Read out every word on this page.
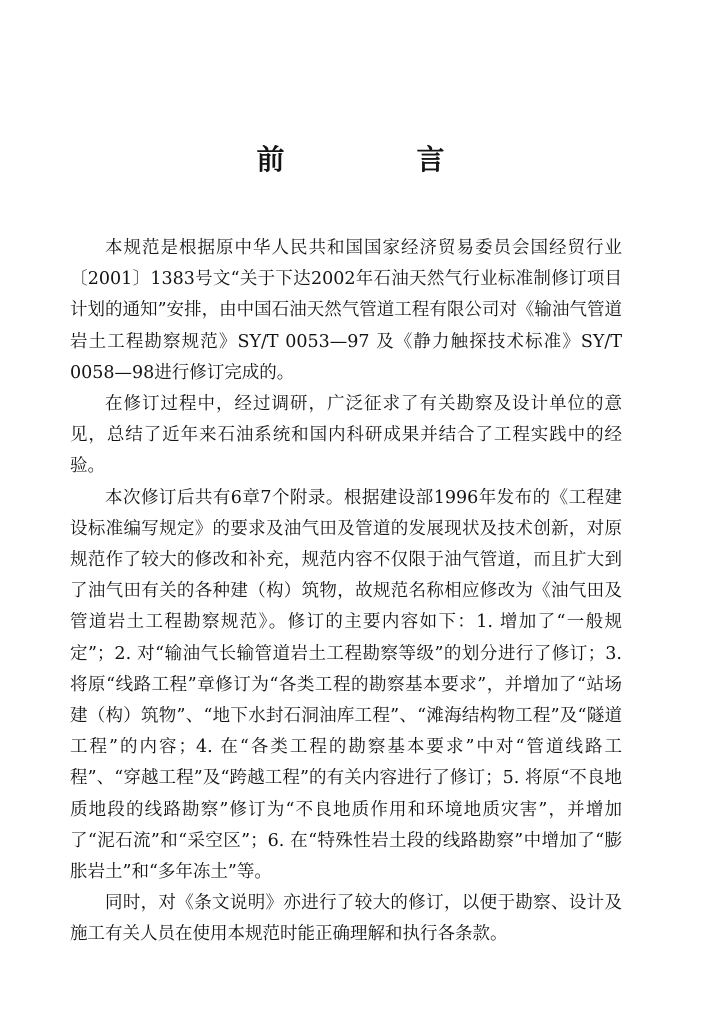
前　言

本规范是根据原中华人民共和国国家经济贸易委员会国经贸行业〔2001〕1383号文“关于下达2002年石油天然气行业标准制修订项目计划的通知”安排，由中国石油天然气管道工程有限公司对《输油气管道岩土工程勘察规范》SY/T 0053—97 及《静力触探技术标准》SY/T 0058—98进行修订完成的。

在修订过程中，经过调研，广泛征求了有关勘察及设计单位的意见，总结了近年来石油系统和国内科研成果并结合了工程实践中的经验。

本次修订后共有6章7个附录。根据建设部1996年发布的《工程建设标准编写规定》的要求及油气田及管道的发展现状及技术创新，对原规范作了较大的修改和补充，规范内容不仅限于油气管道，而且扩大到了油气田有关的各种建（构）筑物，故规范名称相应修改为《油气田及管道岩土工程勘察规范》。修订的主要内容如下：1. 增加了“一般规定”；2. 对“输油气长输管道岩土工程勘察等级”的划分进行了修订；3. 将原“线路工程”章修订为“各类工程的勘察基本要求”，并增加了“站场建（构）筑物”、“地下水封石洞油库工程”、“滩海结构物工程”及“隧道工程”的内容；4. 在“各类工程的勘察基本要求”中对“管道线路工程”、“穿越工程”及“跨越工程”的有关内容进行了修订；5. 将原“不良地质地段的线路勘察”修订为“不良地质作用和环境地质灾害”，并增加了“泥石流”和“采空区”；6. 在“特殊性岩土段的线路勘察”中增加了“膨胀岩土”和“多年冻土”等。

同时，对《条文说明》亦进行了较大的修订，以便于勘察、设计及施工有关人员在使用本规范时能正确理解和执行各条款。
